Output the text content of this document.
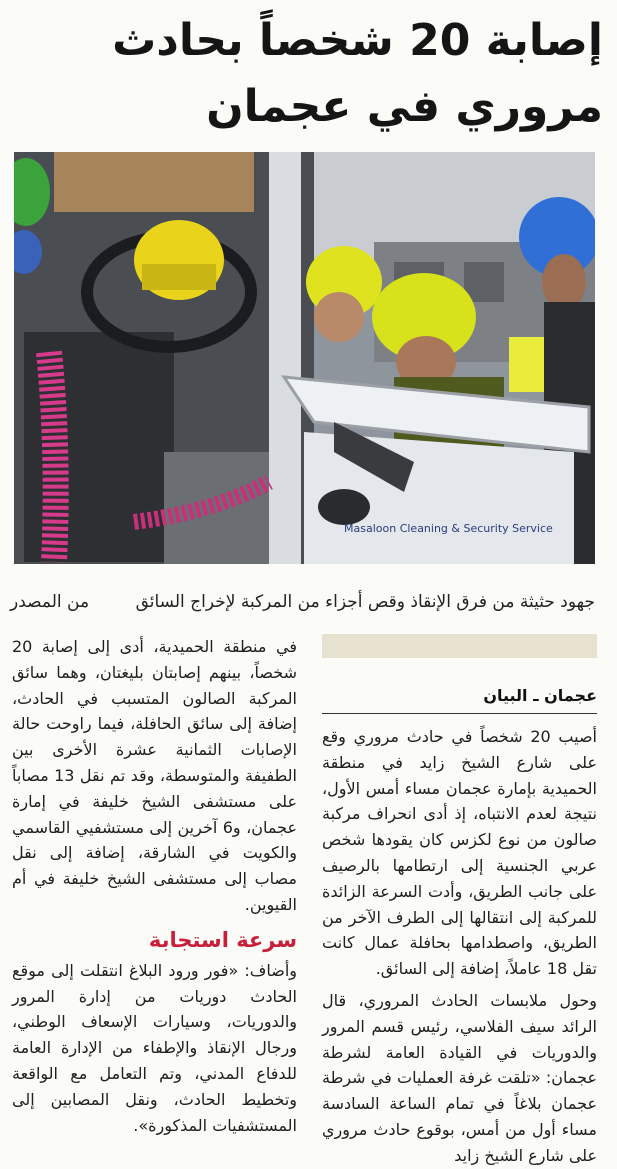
إصابة 20 شخصاً بحادث
مروري في عجمان
Masaloon Cleaning & Security Service
جهود حثيثة من فرق الإنقاذ وقص أجزاء من المركبة لإخراج السائق
من المصدر
عجمان ـ البيان

أصيب 20 شخصاً في حادث مروري وقع على شارع الشيخ زايد في منطقة الحميدية بإمارة عجمان مساء أمس الأول، نتيجة لعدم الانتباه، إذ أدى انحراف مركبة صالون من نوع لكزس كان يقودها شخص عربي الجنسية إلى ارتطامها بالرصيف على جانب الطريق، وأدت السرعة الزائدة للمركبة إلى انتقالها إلى الطرف الآخر من الطريق، واصطدامها بحافلة عمال كانت تقل 18 عاملاً، إضافة إلى السائق.

وحول ملابسات الحادث المروري، قال الرائد سيف الفلاسي، رئيس قسم المرور والدوريات في القيادة العامة لشرطة عجمان: «تلقت غرفة العمليات في شرطة عجمان بلاغاً في تمام الساعة السادسة مساء أول من أمس، بوقوع حادث مروري على شارع الشيخ زايد

في منطقة الحميدية، أدى إلى إصابة 20 شخصاً، بينهم إصابتان بليغتان، وهما سائق المركبة الصالون المتسبب في الحادث، إضافة إلى سائق الحافلة، فيما راوحت حالة الإصابات الثمانية عشرة الأخرى بين الطفيفة والمتوسطة، وقد تم نقل 13 مصاباً على مستشفى الشيخ خليفة في إمارة عجمان، و6 آخرين إلى مستشفيي القاسمي والكويت في الشارقة، إضافة إلى نقل مصاب إلى مستشفى الشيخ خليفة في أم القيوين.

سرعة استجابة

وأضاف: «فور ورود البلاغ انتقلت إلى موقع الحادث دوريات من إدارة المرور والدوريات، وسيارات الإسعاف الوطني، ورجال الإنقاذ والإطفاء من الإدارة العامة للدفاع المدني، وتم التعامل مع الواقعة وتخطيط الحادث، ونقل المصابين إلى المستشفيات المذكورة».
